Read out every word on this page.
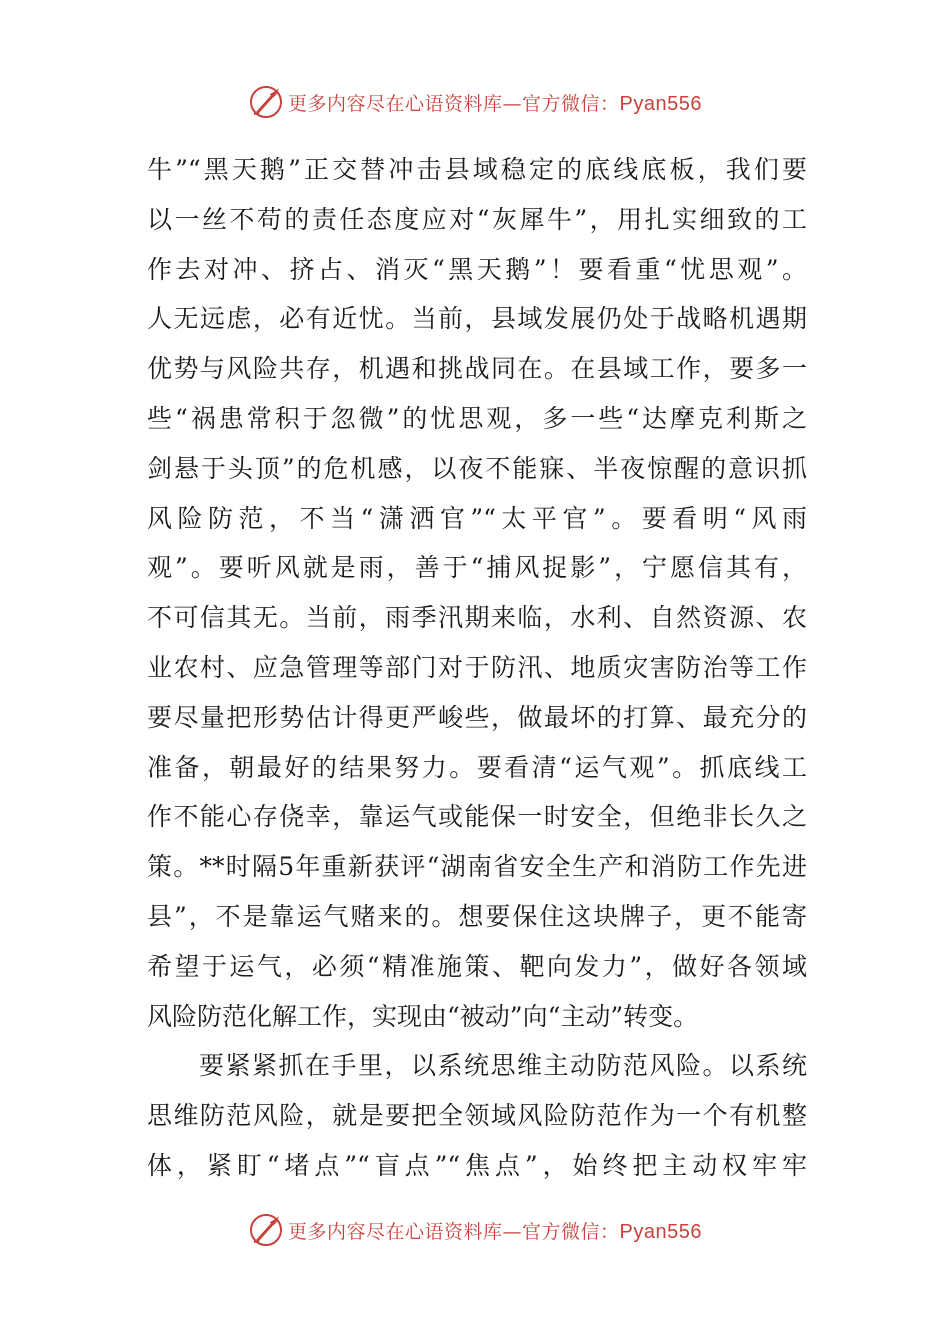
更多内容尽在心语资料库—官方微信：Pyan556
牛”“黑天鹅”正交替冲击县域稳定的底线底板，我们要
以一丝不苟的责任态度应对“灰犀牛”，用扎实细致的工
作去对冲、挤占、消灭“黑天鹅”！要看重“忧思观”。
人无远虑，必有近忧。当前，县域发展仍处于战略机遇期
优势与风险共存，机遇和挑战同在。在县域工作，要多一
些“祸患常积于忽微”的忧思观，多一些“达摩克利斯之
剑悬于头顶”的危机感，以夜不能寐、半夜惊醒的意识抓
风险防范，不当“潇洒官”“太平官”。要看明“风雨
观”。要听风就是雨，善于“捕风捉影”，宁愿信其有，
不可信其无。当前，雨季汛期来临，水利、自然资源、农
业农村、应急管理等部门对于防汛、地质灾害防治等工作
要尽量把形势估计得更严峻些，做最坏的打算、最充分的
准备，朝最好的结果努力。要看清“运气观”。抓底线工
作不能心存侥幸，靠运气或能保一时安全，但绝非长久之
策。**时隔5年重新获评“湖南省安全生产和消防工作先进
县”，不是靠运气赌来的。想要保住这块牌子，更不能寄
希望于运气，必须“精准施策、靶向发力”，做好各领域
风险防范化解工作，实现由“被动”向“主动”转变。
要紧紧抓在手里，以系统思维主动防范风险。以系统
思维防范风险，就是要把全领域风险防范作为一个有机整
体，紧盯“堵点”“盲点”“焦点”，始终把主动权牢牢
更多内容尽在心语资料库—官方微信：Pyan556
